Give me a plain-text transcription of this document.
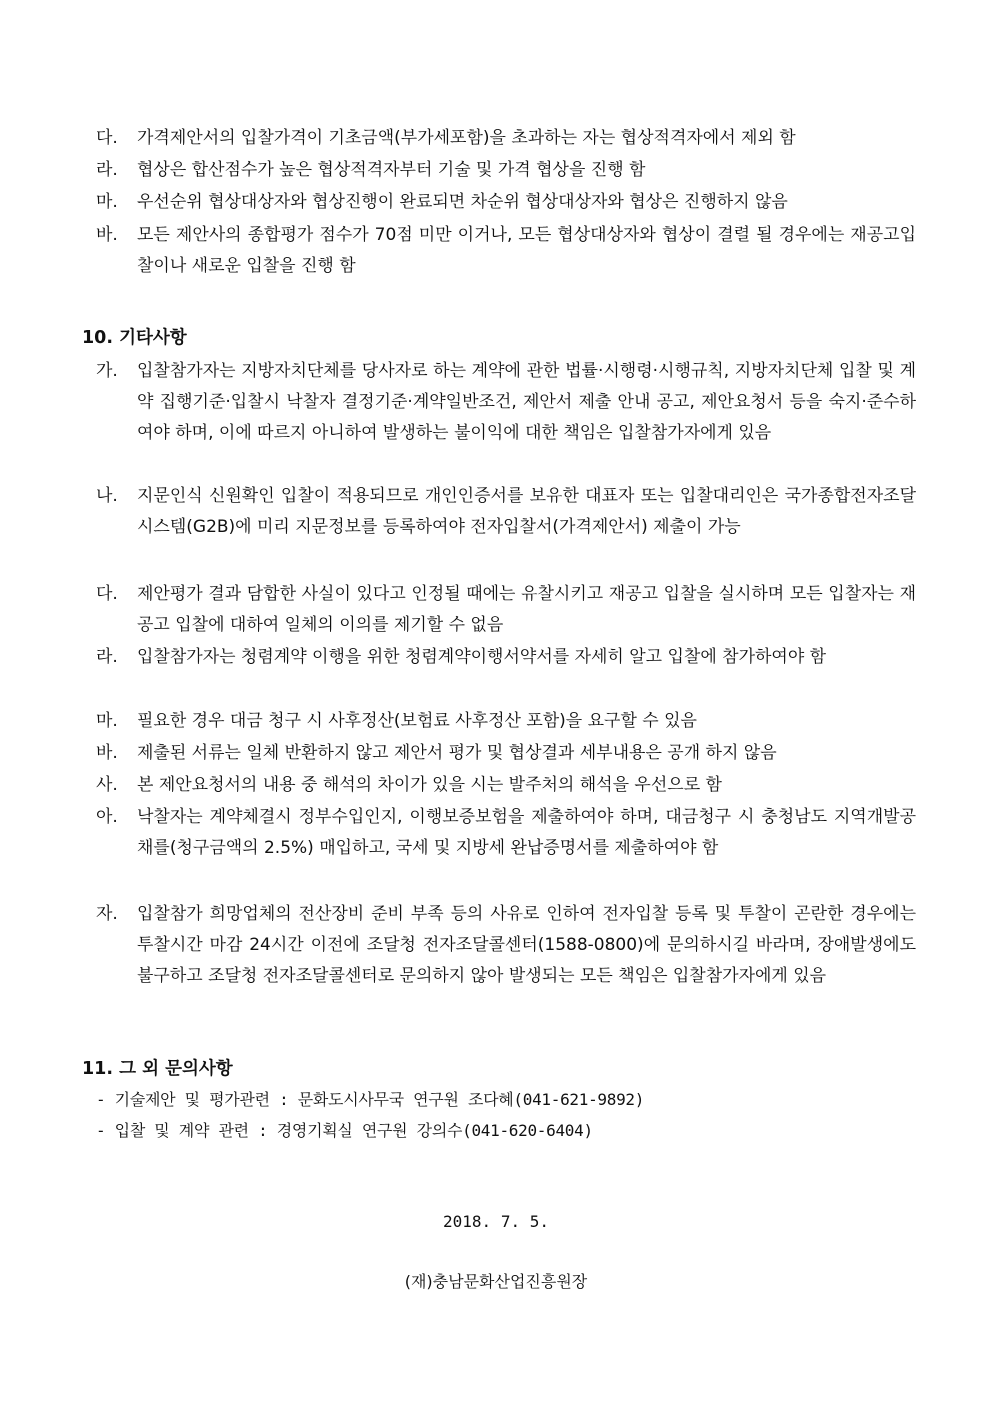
다.	가격제안서의 입찰가격이 기초금액(부가세포함)을 초과하는 자는 협상적격자에서 제외 함
라.	협상은 합산점수가 높은 협상적격자부터 기술 및 가격 협상을 진행 함
마.	우선순위 협상대상자와 협상진행이 완료되면 차순위 협상대상자와 협상은 진행하지 않음
바.	모든 제안사의 종합평가 점수가 70점 미만 이거나, 모든 협상대상자와 협상이 결렬 될 경우에는 재공고입찰이나 새로운 입찰을 진행 함
10. 기타사항
가.	입찰참가자는 지방자치단체를 당사자로 하는 계약에 관한 법률·시행령·시행규칙, 지방자치단체 입찰 및 계약 집행기준·입찰시 낙찰자 결정기준·계약일반조건, 제안서 제출 안내 공고, 제안요청서 등을 숙지·준수하여야 하며, 이에 따르지 아니하여 발생하는 불이익에 대한 책임은 입찰참가자에게 있음
나.	지문인식 신원확인 입찰이 적용되므로 개인인증서를 보유한 대표자 또는 입찰대리인은 국가종합전자조달시스템(G2B)에 미리 지문정보를 등록하여야 전자입찰서(가격제안서) 제출이 가능
다.	제안평가 결과 담합한 사실이 있다고 인정될 때에는 유찰시키고 재공고 입찰을 실시하며 모든 입찰자는 재공고 입찰에 대하여 일체의 이의를 제기할 수 없음
라.	입찰참가자는 청렴계약 이행을 위한 청렴계약이행서약서를 자세히 알고 입찰에 참가하여야 함
마.	필요한 경우 대금 청구 시 사후정산(보험료 사후정산 포함)을 요구할 수 있음
바.	제출된 서류는 일체 반환하지 않고 제안서 평가 및 협상결과 세부내용은 공개 하지 않음
사.	본 제안요청서의 내용 중 해석의 차이가 있을 시는 발주처의 해석을 우선으로 함
아.	낙찰자는 계약체결시 정부수입인지, 이행보증보험을 제출하여야 하며, 대금청구 시 충청남도 지역개발공채를(청구금액의 2.5%) 매입하고, 국세 및 지방세 완납증명서를 제출하여야 함
자.	입찰참가 희망업체의 전산장비 준비 부족 등의 사유로 인하여 전자입찰 등록 및 투찰이 곤란한 경우에는 투찰시간 마감 24시간 이전에 조달청 전자조달콜센터(1588-0800)에 문의하시길 바라며, 장애발생에도 불구하고 조달청 전자조달콜센터로 문의하지 않아 발생되는 모든 책임은 입찰참가자에게 있음
11. 그 외 문의사항
- 기술제안 및 평가관련 : 문화도시사무국 연구원 조다혜(041-621-9892)
- 입찰 및 계약 관련 : 경영기획실 연구원 강의수(041-620-6404)
2018. 7. 5.
(재)충남문화산업진흥원장
